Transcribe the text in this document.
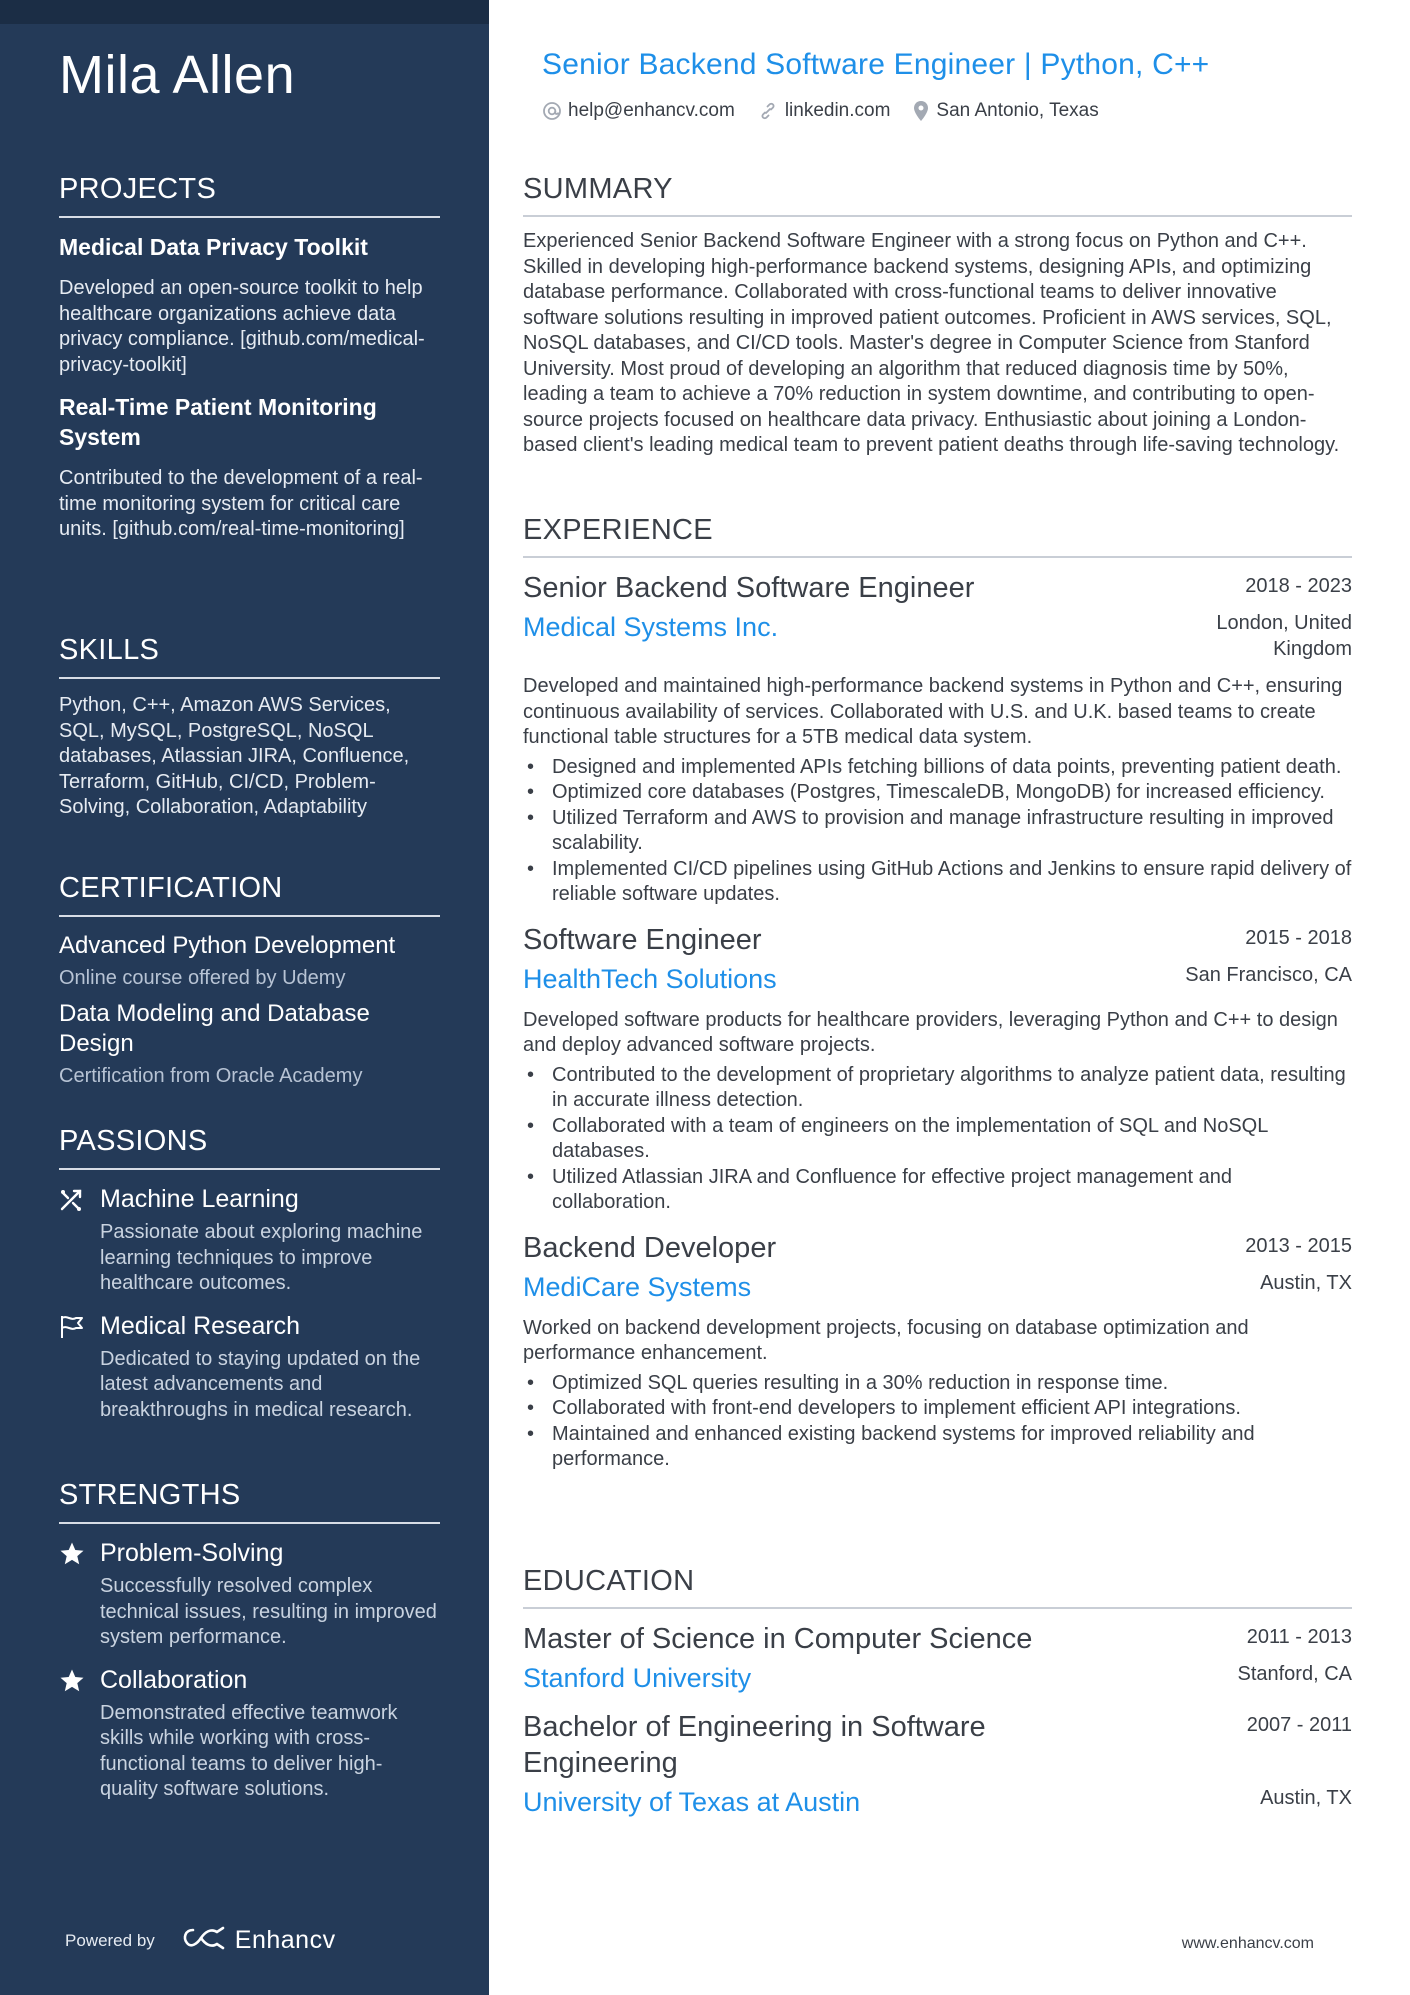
Mila Allen
PROJECTS
Medical Data Privacy Toolkit
Developed an open-source toolkit to help healthcare organizations achieve data privacy compliance. [github.com/medical-privacy-toolkit]
Real-Time Patient Monitoring System
Contributed to the development of a real-time monitoring system for critical care units. [github.com/real-time-monitoring]
SKILLS
Python, C++, Amazon AWS Services, SQL, MySQL, PostgreSQL, NoSQL databases, Atlassian JIRA, Confluence, Terraform, GitHub, CI/CD, Problem-Solving, Collaboration, Adaptability
CERTIFICATION
Advanced Python Development
Online course offered by Udemy
Data Modeling and Database Design
Certification from Oracle Academy
PASSIONS
Machine Learning
Passionate about exploring machine learning techniques to improve healthcare outcomes.
Medical Research
Dedicated to staying updated on the latest advancements and breakthroughs in medical research.
STRENGTHS
Problem-Solving
Successfully resolved complex technical issues, resulting in improved system performance.
Collaboration
Demonstrated effective teamwork skills while working with cross-functional teams to deliver high-quality software solutions.
Powered by	Enhancv
Senior Backend Software Engineer | Python, C++
help@enhancv.com	linkedin.com San Antonio, Texas
SUMMARY
Experienced Senior Backend Software Engineer with a strong focus on Python and C++. Skilled in developing high-performance backend systems, designing APIs, and optimizing database performance. Collaborated with cross-functional teams to deliver innovative software solutions resulting in improved patient outcomes. Proficient in AWS services, SQL, NoSQL databases, and CI/CD tools. Master's degree in Computer Science from Stanford University. Most proud of developing an algorithm that reduced diagnosis time by 50%, leading a team to achieve a 70% reduction in system downtime, and contributing to open-source projects focused on healthcare data privacy. Enthusiastic about joining a London-based client's leading medical team to prevent patient deaths through life-saving technology.
EXPERIENCE
Senior Backend Software Engineer	2018 - 2023
Medical Systems Inc.	London, United Kingdom
Developed and maintained high-performance backend systems in Python and C++, ensuring continuous availability of services. Collaborated with U.S. and U.K. based teams to create functional table structures for a 5TB medical data system.
• Designed and implemented APIs fetching billions of data points, preventing patient death.
• Optimized core databases (Postgres, TimescaleDB, MongoDB) for increased efficiency.
• Utilized Terraform and AWS to provision and manage infrastructure resulting in improved scalability.
• Implemented CI/CD pipelines using GitHub Actions and Jenkins to ensure rapid delivery of reliable software updates.
Software Engineer	2015 - 2018
HealthTech Solutions	San Francisco, CA
Developed software products for healthcare providers, leveraging Python and C++ to design and deploy advanced software projects.
• Contributed to the development of proprietary algorithms to analyze patient data, resulting in accurate illness detection.
• Collaborated with a team of engineers on the implementation of SQL and NoSQL databases.
• Utilized Atlassian JIRA and Confluence for effective project management and collaboration.
Backend Developer	2013 - 2015
MediCare Systems	Austin, TX
Worked on backend development projects, focusing on database optimization and performance enhancement.
• Optimized SQL queries resulting in a 30% reduction in response time.
• Collaborated with front-end developers to implement efficient API integrations.
• Maintained and enhanced existing backend systems for improved reliability and performance.
EDUCATION
Master of Science in Computer Science	2011 - 2013
Stanford University	Stanford, CA
Bachelor of Engineering in Software Engineering
2007 - 2011
University of Texas at Austin	Austin, TX
www.enhancv.com
